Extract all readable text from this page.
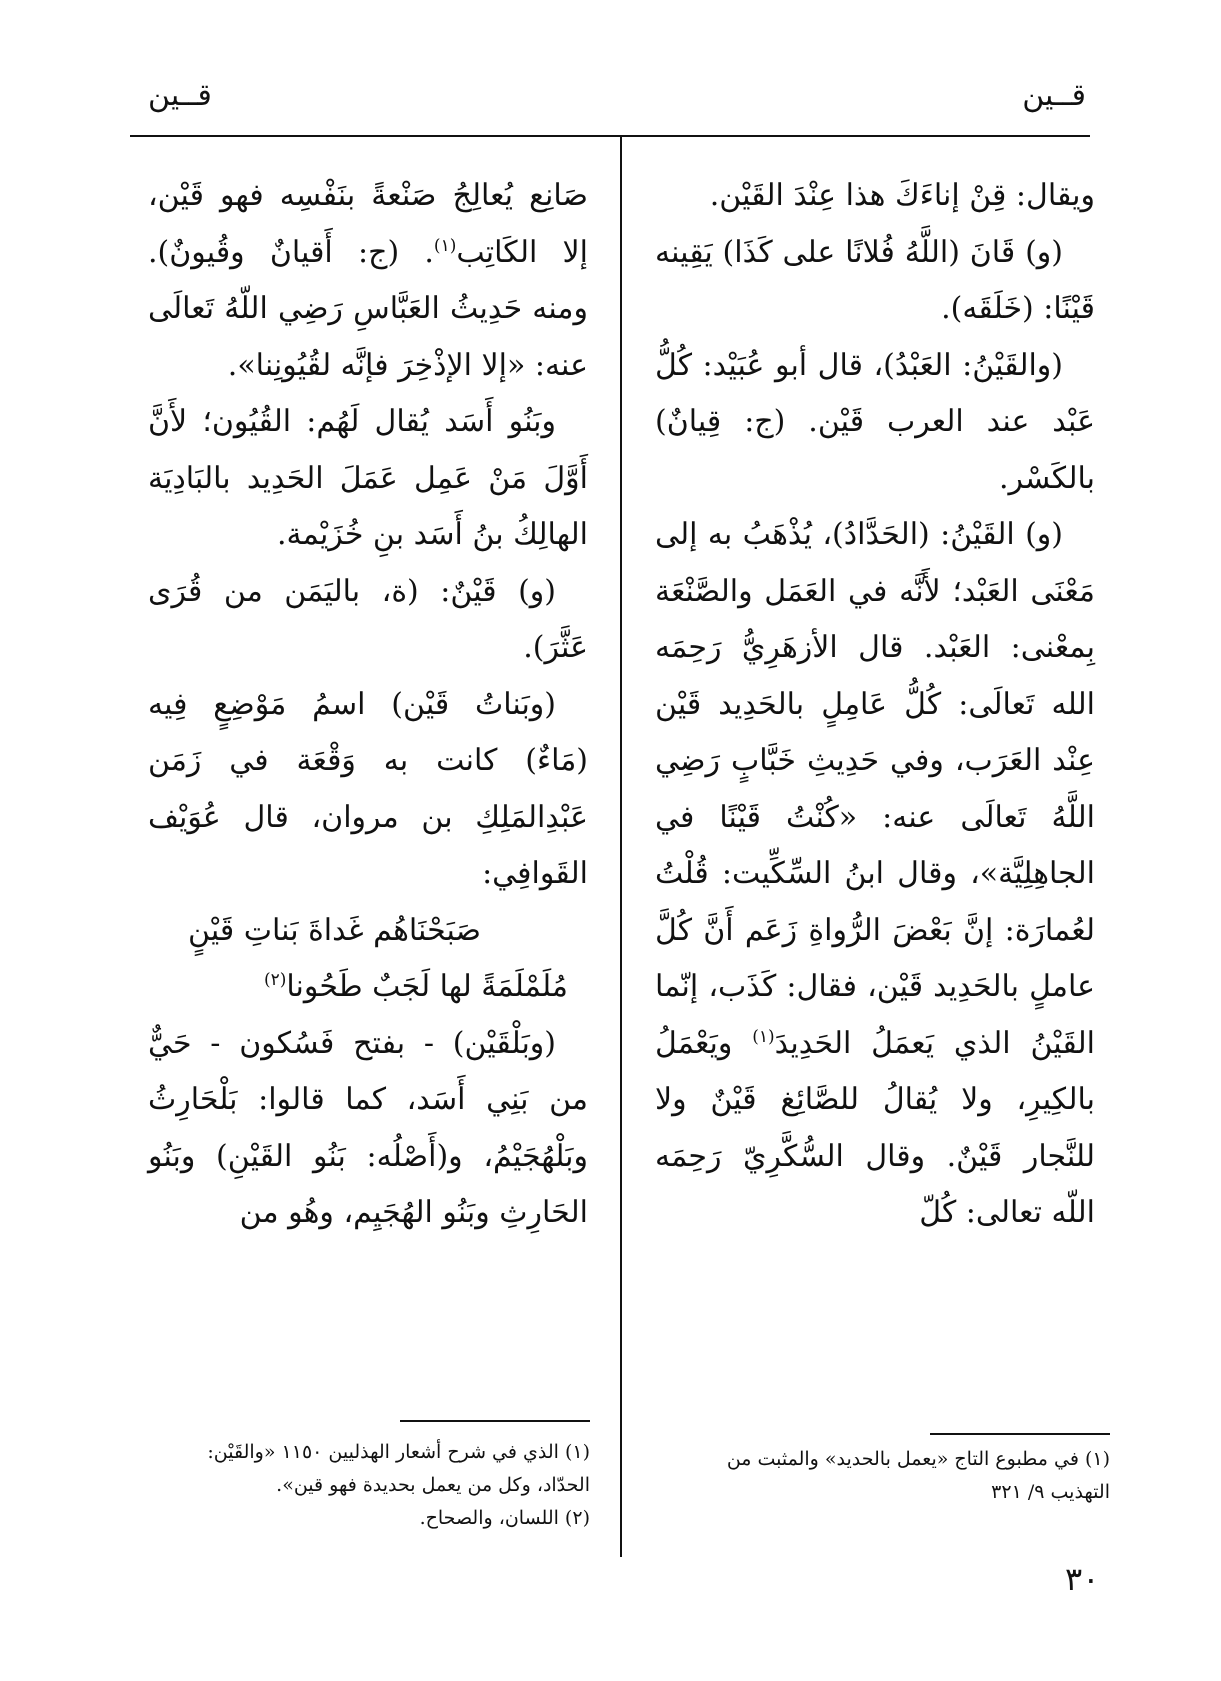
قــين
قــين

ويقال: قِنْ إناءَكَ هذا عِنْدَ القَيْن.

(و) قَانَ (اللَّهُ فُلانًا على كَذَا) يَقِينه قَيْنًا: (خَلَقَه).

(والقَيْنُ: العَبْدُ)، قال أبو عُبَيْد: كُلُّ عَبْد عند العرب قَيْن. (ج: قِيانٌ) بالكَسْر.

(و) القَيْنُ: (الحَدَّادُ)، يُذْهَبُ به إلى مَعْنَى العَبْد؛ لأَنَّه في العَمَل والصَّنْعَة بِمعْنى: العَبْد. قال الأزهَرِيُّ رَحِمَه الله تَعالَى: كُلُّ عَامِلٍ بالحَدِيد قَيْن عِنْد العَرَب، وفي حَدِيثِ خَبَّابٍ رَضِي اللَّهُ تَعالَى عنه: «كُنْتُ قَيْنًا في الجاهِلِيَّة»، وقال ابنُ السِّكِّيت: قُلْتُ لعُمارَة: إنَّ بَعْضَ الرُّواةِ زَعَم أَنَّ كُلَّ عاملٍ بالحَدِيد قَيْن، فقال: كَذَب، إنّما القَيْنُ الذي يَعمَلُ الحَدِيدَ$^{(١)}$ ويَعْمَلُ بالكِيرِ، ولا يُقالُ للصَّائِغ قَيْنٌ ولا للنَّجار قَيْنٌ. وقال السُّكَّرِيّ رَحِمَه اللّه تعالى: كُلّ

صَانِع يُعالِجُ صَنْعةً بنَفْسِه فهو قَيْن، إلا الكَاتِب$^{(١)}$. (ج: أَقيانٌ وقُيونٌ). ومنه حَدِيثُ العَبَّاسِ رَضِي اللّهُ تَعالَى عنه: «إلا الإذْخِرَ فإنَّه لقُيُونِنا».

وبَنُو أَسَد يُقال لَهُم: القُيُون؛ لأَنَّ أَوَّلَ مَنْ عَمِل عَمَلَ الحَدِيد بالبَادِيَة الهالِكُ بنُ أَسَد بنِ خُزَيْمة.

(و) قَيْنٌ: (ة، باليَمَن من قُرَى عَثَّرَ).

(وبَناتُ قَيْن) اسمُ مَوْضِعٍ فِيه (مَاءٌ) كانت به وَقْعَة في زَمَن عَبْدِالمَلِكِ بن مروان، قال عُوَيْف القَوافِي:

صَبَحْنَاهُم غَداةَ بَناتِ قَيْنٍ
مُلَمْلَمَةً لها لَجَبٌ طَحُونا$^{(٢)}$

(وبَلْقَيْن) - بفتح فَسُكون - حَيٌّ من بَنِي أَسَد، كما قالوا: بَلْحَارِثُ وبَلْهُجَيْمُ، و(أَصْلُه: بَنُو القَيْنِ) وبَنُو الحَارِثِ وبَنُو الهُجَيِم، وهُو من

(١) في مطبوع التاج «يعمل بالحديد» والمثبت من التهذيب ٩/ ٣٢١

(١) الذي في شرح أشعار الهذليين ١١٥٠ «والقَيْن: الحدّاد، وكل من يعمل بحديدة فهو قين».

(٢) اللسان، والصحاح.

٣٠
